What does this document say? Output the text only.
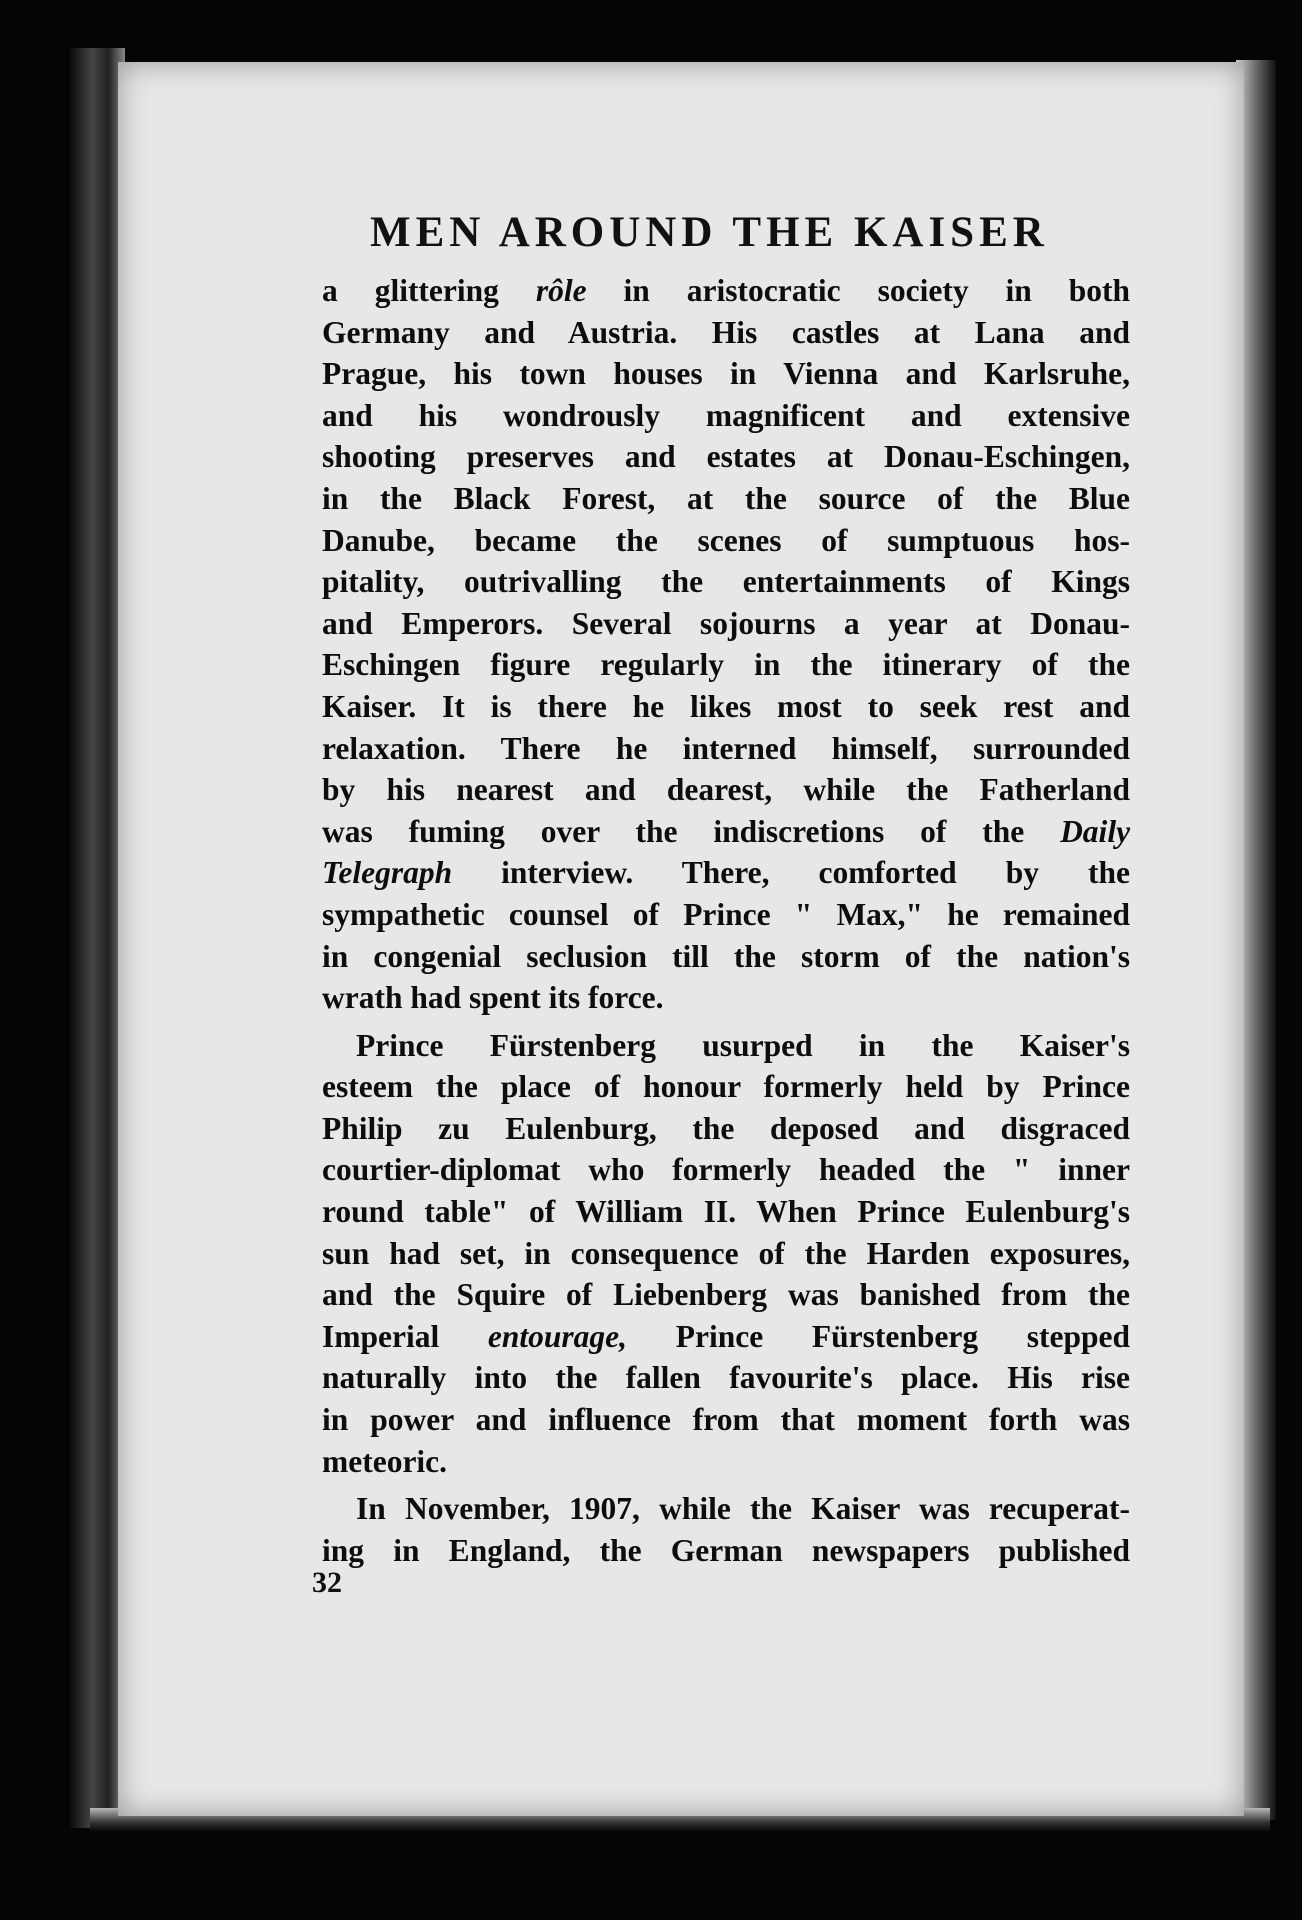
MEN AROUND THE KAISER
a glittering rôle in aristocratic society in both
Germany and Austria. His castles at Lana and
Prague, his town houses in Vienna and Karlsruhe,
and his wondrously magnificent and extensive
shooting preserves and estates at Donau-Eschingen,
in the Black Forest, at the source of the Blue
Danube, became the scenes of sumptuous hos-
pitality, outrivalling the entertainments of Kings
and Emperors. Several sojourns a year at Donau-
Eschingen figure regularly in the itinerary of the
Kaiser. It is there he likes most to seek rest and
relaxation. There he interned himself, surrounded
by his nearest and dearest, while the Fatherland
was fuming over the indiscretions of the Daily
Telegraph interview. There, comforted by the
sympathetic counsel of Prince " Max," he remained
in congenial seclusion till the storm of the nation's
wrath had spent its force.
Prince Fürstenberg usurped in the Kaiser's
esteem the place of honour formerly held by Prince
Philip zu Eulenburg, the deposed and disgraced
courtier-diplomat who formerly headed the " inner
round table" of William II. When Prince Eulenburg's
sun had set, in consequence of the Harden exposures,
and the Squire of Liebenberg was banished from the
Imperial entourage, Prince Fürstenberg stepped
naturally into the fallen favourite's place. His rise
in power and influence from that moment forth was
meteoric.
In November, 1907, while the Kaiser was recuperat-
ing in England, the German newspapers published
32
